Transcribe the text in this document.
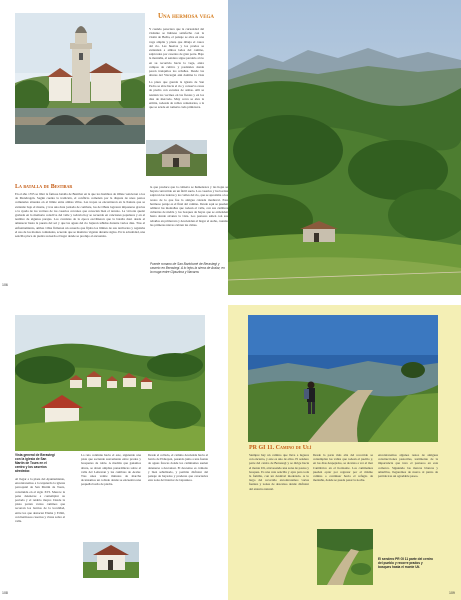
Una hermosa vega
Y cuando pareciera que la curiosidad del visitante se hubiese satisfecho con la visión de Bedia, el paisaje se abre en una vega amplia y plana que dibuja el cauce del río. Las huertas y los prados se extienden a ambos lados del camino, salpicados por caseríos de gran porte. Bajo la montaña, el sendero sigue paralelo al río en su recorrido hacia la vega, entre campos de cultivo y pastizales donde pacen tranquilos los rebaños. Desde las alturas del Vizcargui aún domina la vista
La plaza que guarda la iglesia de San Pedro se abre hacia el río y conserva casas de piedra con escudos de armas. Allí se reunían los vecinos en las fiestas y en los días de mercado. Muy cerca se alza la ermita, rodeada de robles centenarios, a la que se acude en romería cada primavera.
La batalla de Bestibar
En el año 1355 se libró la famosa batalla de Bestibar en la que los hombres de Oñate vencieron a los de Mondragón. Según cuenta la tradición, el conflicto comenzó por la disputa de unos pastos comunales situados en el límite entre ambas villas. Las tropas se encontraron en la llanura que se extiende bajo el monte, y tras una dura jornada de combate, los de Oñate lograron imponerse gracias a la ayuda de los vecinos de los caseríos cercanos que conocían bien el terreno. La victoria quedó grabada en la memoria colectiva del valle y todavía hoy se recuerda en canciones populares y en el nombre de algunos parajes. Los cronistas de la época escribieron que la batalla duró desde el amanecer hasta la puesta del sol y que las aguas del río bajaron teñidas durante varios días. Tras el enfrentamiento, ambas villas firmaron un acuerdo que fijaba los límites de sus territorios y regulaba el uso de los montes comunales, acuerdo que se mantuvo vigente durante siglos. En la actualidad, una sencilla placa de piedra recuerda el lugar donde se produjo el encuentro.
la que produce que la cubierta se humedezca y las hojas se hayan convertido en un fértil suelo. Los caseríos y las bordas salpican las laderas y los valles del río, que se aproxima a los restos de lo que fue la antigua calzada medieval. Este hermoso paraje es el final del camino. Desde aquí se pueden admirar las montañas que rodean el valle, con sus cumbres cubiertas de niebla y los bosques de hayas que se extienden hasta donde alcanza la vista. Los pastores suben con sus rebaños en primavera y descienden al llegar el otoño, cuando las primeras nieves cubren las cimas.
Puente romano de San Bartolomé de Berastegi y caserío en Berastegi. A lo lejos la sierra de Aralar, en la muga entre Gipuzkoa y Navarra.
106
Vista general de Berastegi con la iglesia de San Martín de Tours en el centro y los caseríos alrededor.
Al llegar a la plaza del Ayuntamiento, encontraremos a la izquierda la iglesia parroquial de San Martín de Tours, construida en el siglo XVI. Merece la pena detenerse a contemplar su portada y el retablo mayor. Desde la plaza parten varios caminos que recorren los barrios de la localidad, entre los que destacan Elama y Erbiti, con hermosos caseríos y vistas sobre el valle.
La ruta continúa hacia el este, siguiendo una pista que asciende suavemente entre prados y bosquetes de roble. A medida que ganamos altura, se abren amplias panorámicas sobre el valle del Leitzaran y las cumbres de Aralar. Tras unos veinte minutos de marcha alcanzamos un collado donde se encuentra una pequeña borda de piedra.
Desde el collado, el camino desciende hacia el barrio de Elduayen, pasando junto a una fuente de aguas frescas donde los caminantes suelen detenerse a descansar. El descenso es cómodo y bien señalizado, y permite disfrutar del paisaje de hayedos y praderas que caracteriza esta zona del interior de Gipuzkoa.
108
PR GI 11. Camino de Ulí
Siempre hay un camino que lleva a lugares con encanto, y este es uno de ellos. El sendero parte del centro de Berastegi y se dirige hacia el monte Ulí, atravesando una zona de pastos y bosques. Es una ruta sencilla y apta para toda la familia, con un desnivel moderado. A lo largo del recorrido encontraremos varias fuentes y zonas de descanso donde disfrutar del entorno natural.
Desde la parte más alta del recorrido se contemplan los valles que rodean el pueblo y, en los días despejados, se alcanza a ver el mar Cantábrico en el horizonte. Los caminantes pueden optar por regresar por el mismo camino o continuar hacia el refugio de montaña, donde se puede pasar la noche.
encontraremos algunos restos de antiguas construcciones pastoriles, testimonio de la importancia que tuvo el pastoreo en esta comarca. Siguiendo las marcas blancas y amarillas, llegaremos de nuevo al punto de partida tras un agradable paseo.
El sendero PR GI 11 parte del centro del pueblo y recorre prados y bosques hasta el monte Ulí.
109
